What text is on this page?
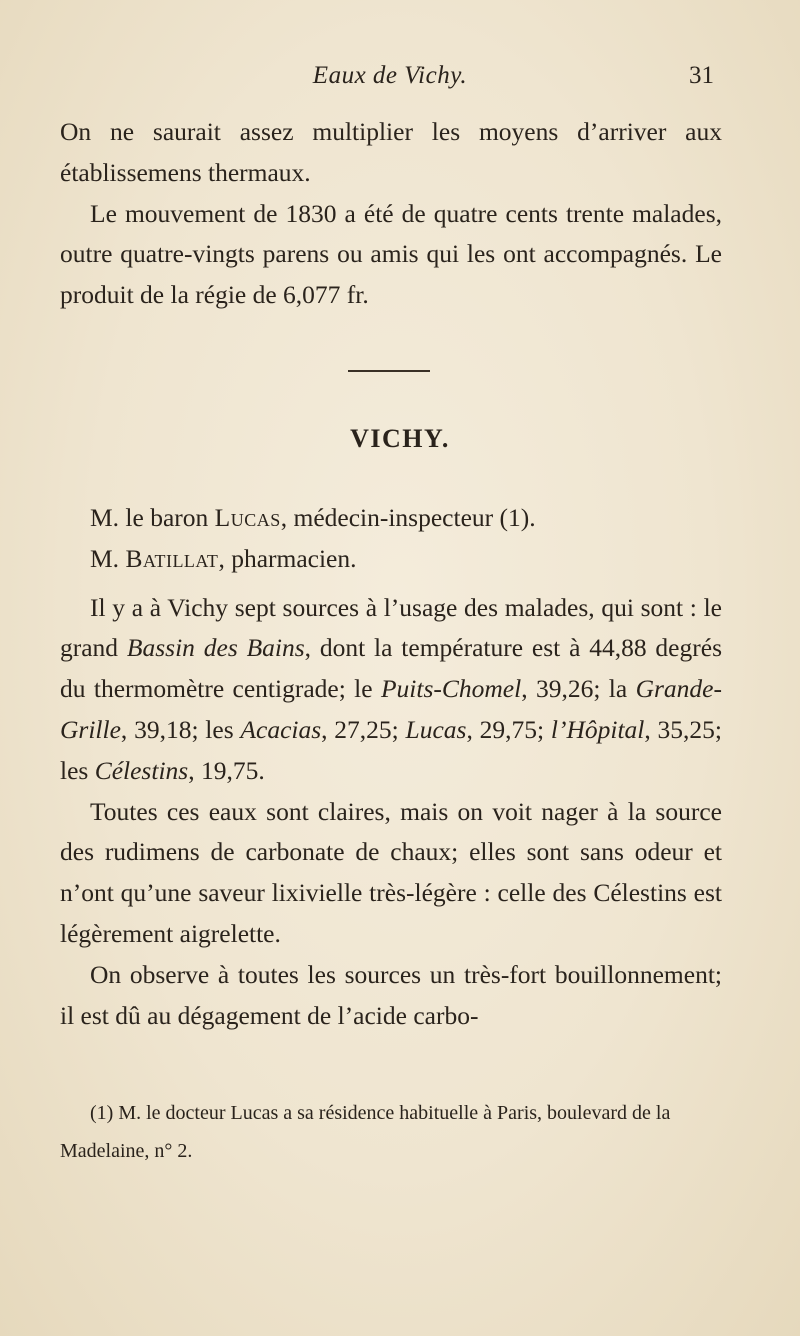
Eaux de Vichy.	31

On ne saurait assez multiplier les moyens d’arriver aux établissemens thermaux.

Le mouvement de 1830 a été de quatre cents trente malades, outre quatre-vingts parens ou amis qui les ont accompagnés. Le produit de la régie de 6,077 fr.

VICHY.

M. le baron Lucas, médecin-inspecteur (1).

M. Batillat, pharmacien.

Il y a à Vichy sept sources à l’usage des malades, qui sont : le grand Bassin des Bains, dont la température est à 44,88 degrés du thermomètre centigrade; le Puits-Chomel, 39,26; la Grande-Grille, 39,18; les Acacias, 27,25; Lucas, 29,75; l’Hôpital, 35,25; les Célestins, 19,75.

Toutes ces eaux sont claires, mais on voit nager à la source des rudimens de carbonate de chaux; elles sont sans odeur et n’ont qu’une saveur lixivielle très-légère : celle des Célestins est légèrement aigrelette.

On observe à toutes les sources un très-fort bouillonnement; il est dû au dégagement de l’acide carbo-

(1) M. le docteur Lucas a sa résidence habituelle à Paris, boulevard de la Madelaine, n° 2.
